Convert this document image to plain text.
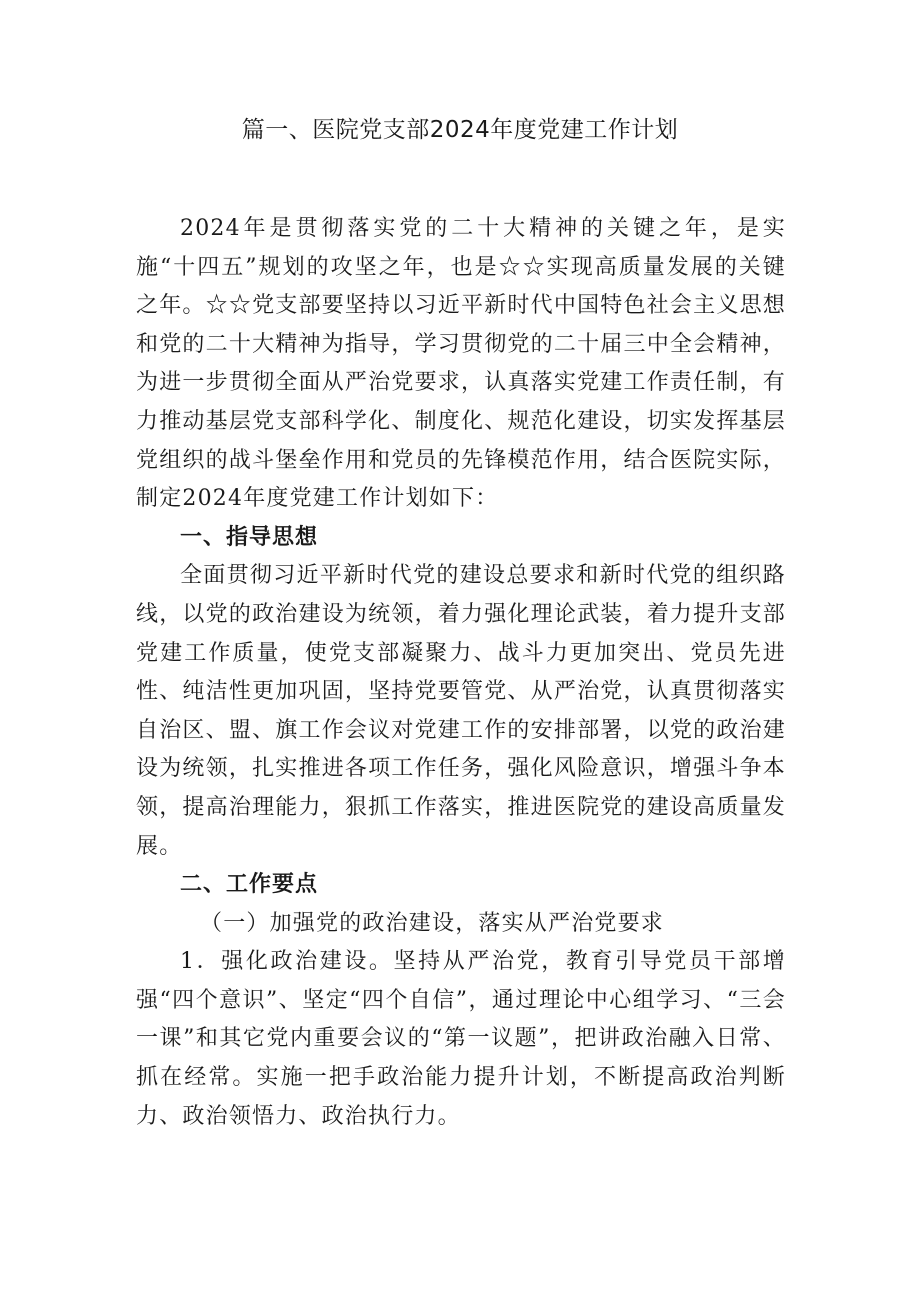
篇一、医院党支部2024年度党建工作计划

2024年是贯彻落实党的二十大精神的关键之年，是实施“十四五”规划的攻坚之年，也是☆☆实现高质量发展的关键之年。☆☆党支部要坚持以习近平新时代中国特色社会主义思想和党的二十大精神为指导，学习贯彻党的二十届三中全会精神，为进一步贯彻全面从严治党要求，认真落实党建工作责任制，有力推动基层党支部科学化、制度化、规范化建设，切实发挥基层党组织的战斗堡垒作用和党员的先锋模范作用，结合医院实际，制定2024年度党建工作计划如下：

一、指导思想

全面贯彻习近平新时代党的建设总要求和新时代党的组织路线，以党的政治建设为统领，着力强化理论武装，着力提升支部党建工作质量，使党支部凝聚力、战斗力更加突出、党员先进性、纯洁性更加巩固，坚持党要管党、从严治党，认真贯彻落实自治区、盟、旗工作会议对党建工作的安排部署，以党的政治建设为统领，扎实推进各项工作任务，强化风险意识，增强斗争本领，提高治理能力，狠抓工作落实，推进医院党的建设高质量发展。

二、工作要点

（一）加强党的政治建设，落实从严治党要求

1．强化政治建设。坚持从严治党，教育引导党员干部增强“四个意识”、坚定“四个自信”，通过理论中心组学习、“三会一课”和其它党内重要会议的“第一议题”，把讲政治融入日常、抓在经常。实施一把手政治能力提升计划，不断提高政治判断力、政治领悟力、政治执行力。
